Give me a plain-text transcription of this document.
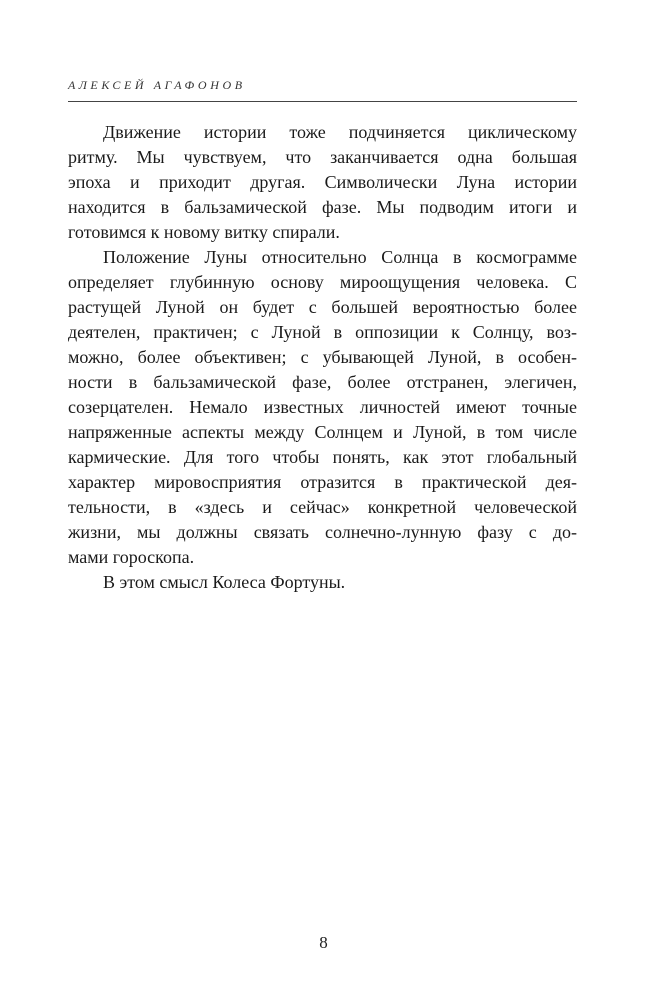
АЛЕКСЕЙ АГАФОНОВ
Движение истории тоже подчиняется циклическому
ритму. Мы чувствуем, что заканчивается одна большая
эпоха и приходит другая. Символически Луна истории
находится в бальзамической фазе. Мы подводим итоги и
готовимся к новому витку спирали.
Положение Луны относительно Солнца в космограмме
определяет глубинную основу мироощущения человека. С
растущей Луной он будет с большей вероятностью более
деятелен, практичен; с Луной в оппозиции к Солнцу, воз-
можно, более объективен; с убывающей Луной, в особен-
ности в бальзамической фазе, более отстранен, элегичен,
созерцателен. Немало известных личностей имеют точные
напряженные аспекты между Солнцем и Луной, в том числе
кармические. Для того чтобы понять, как этот глобальный
характер мировосприятия отразится в практической дея-
тельности, в «здесь и сейчас» конкретной человеческой
жизни, мы должны связать солнечно-лунную фазу с до-
мами гороскопа.
В этом смысл Колеса Фортуны.
8
